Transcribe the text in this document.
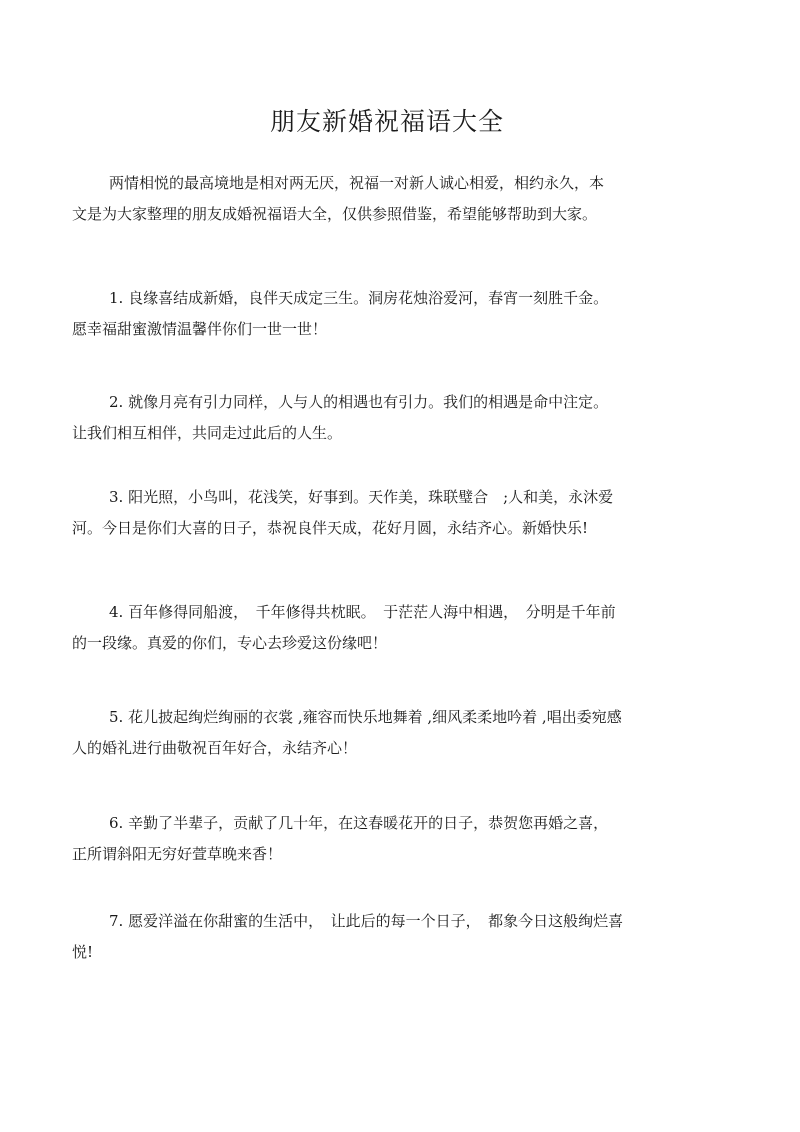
朋友新婚祝福语大全
两情相悦的最高境地是相对两无厌，祝福一对新人诚心相爱，相约永久，本
文是为大家整理的朋友成婚祝福语大全，仅供参照借鉴，希望能够帮助到大家。
1. 良缘喜结成新婚，良伴天成定三生。洞房花烛浴爱河，春宵一刻胜千金。
愿幸福甜蜜激情温馨伴你们一世一世！
2. 就像月亮有引力同样，人与人的相遇也有引力。我们的相遇是命中注定。
让我们相互相伴，共同走过此后的人生。
3. 阳光照，小鸟叫，花浅笑，好事到。天作美，珠联璧合　;人和美，永沐爱
河。今日是你们大喜的日子，恭祝良伴天成，花好月圆，永结齐心。新婚快乐!
4. 百年修得同船渡，　千年修得共枕眠。　于茫茫人海中相遇，　分明是千年前
的一段缘。真爱的你们，专心去珍爱这份缘吧！
5. 花儿披起绚烂绚丽的衣裳 ,雍容而快乐地舞着 ,细风柔柔地吟着 ,唱出委宛感
人的婚礼进行曲敬祝百年好合，永结齐心！
6. 辛勤了半辈子，贡献了几十年，在这春暖花开的日子，恭贺您再婚之喜，
正所谓斜阳无穷好萱草晚来香！
7. 愿爱洋溢在你甜蜜的生活中，　让此后的每一个日子，　都象今日这般绚烂喜
悦!
